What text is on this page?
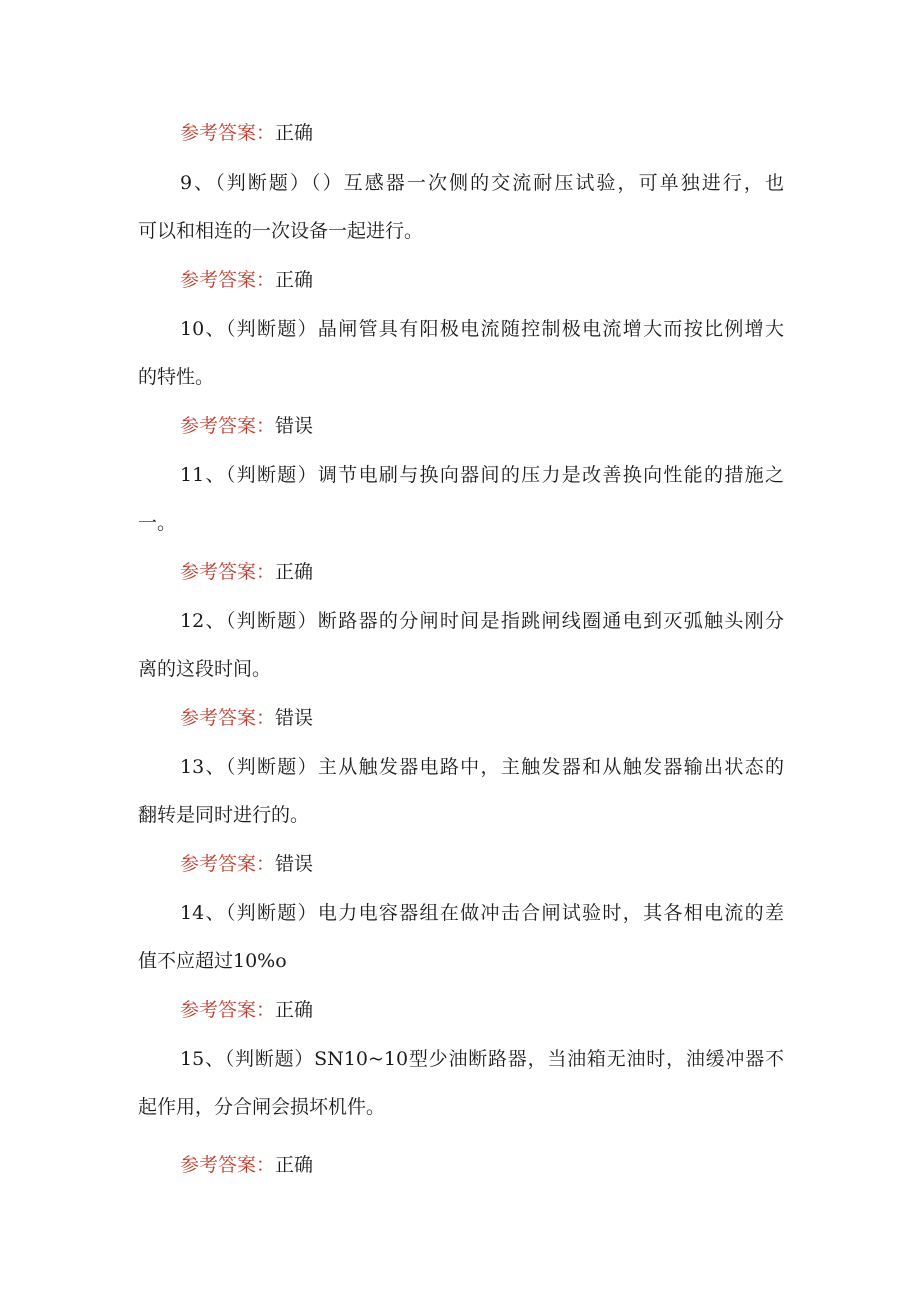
参考答案：正确
9、（判断题）（）互感器一次侧的交流耐压试验，可单独进行，也
可以和相连的一次设备一起进行。
参考答案：正确
10、（判断题）晶闸管具有阳极电流随控制极电流增大而按比例增大
的特性。
参考答案：错误
11、（判断题）调节电刷与换向器间的压力是改善换向性能的措施之
一。
参考答案：正确
12、（判断题）断路器的分闸时间是指跳闸线圈通电到灭弧触头刚分
离的这段时间。
参考答案：错误
13、（判断题）主从触发器电路中，主触发器和从触发器输出状态的
翻转是同时进行的。
参考答案：错误
14、（判断题）电力电容器组在做冲击合闸试验时，其各相电流的差
值不应超过10%o
参考答案：正确
15、（判断题）SN10~10型少油断路器，当油箱无油时，油缓冲器不
起作用，分合闸会损坏机件。
参考答案：正确
